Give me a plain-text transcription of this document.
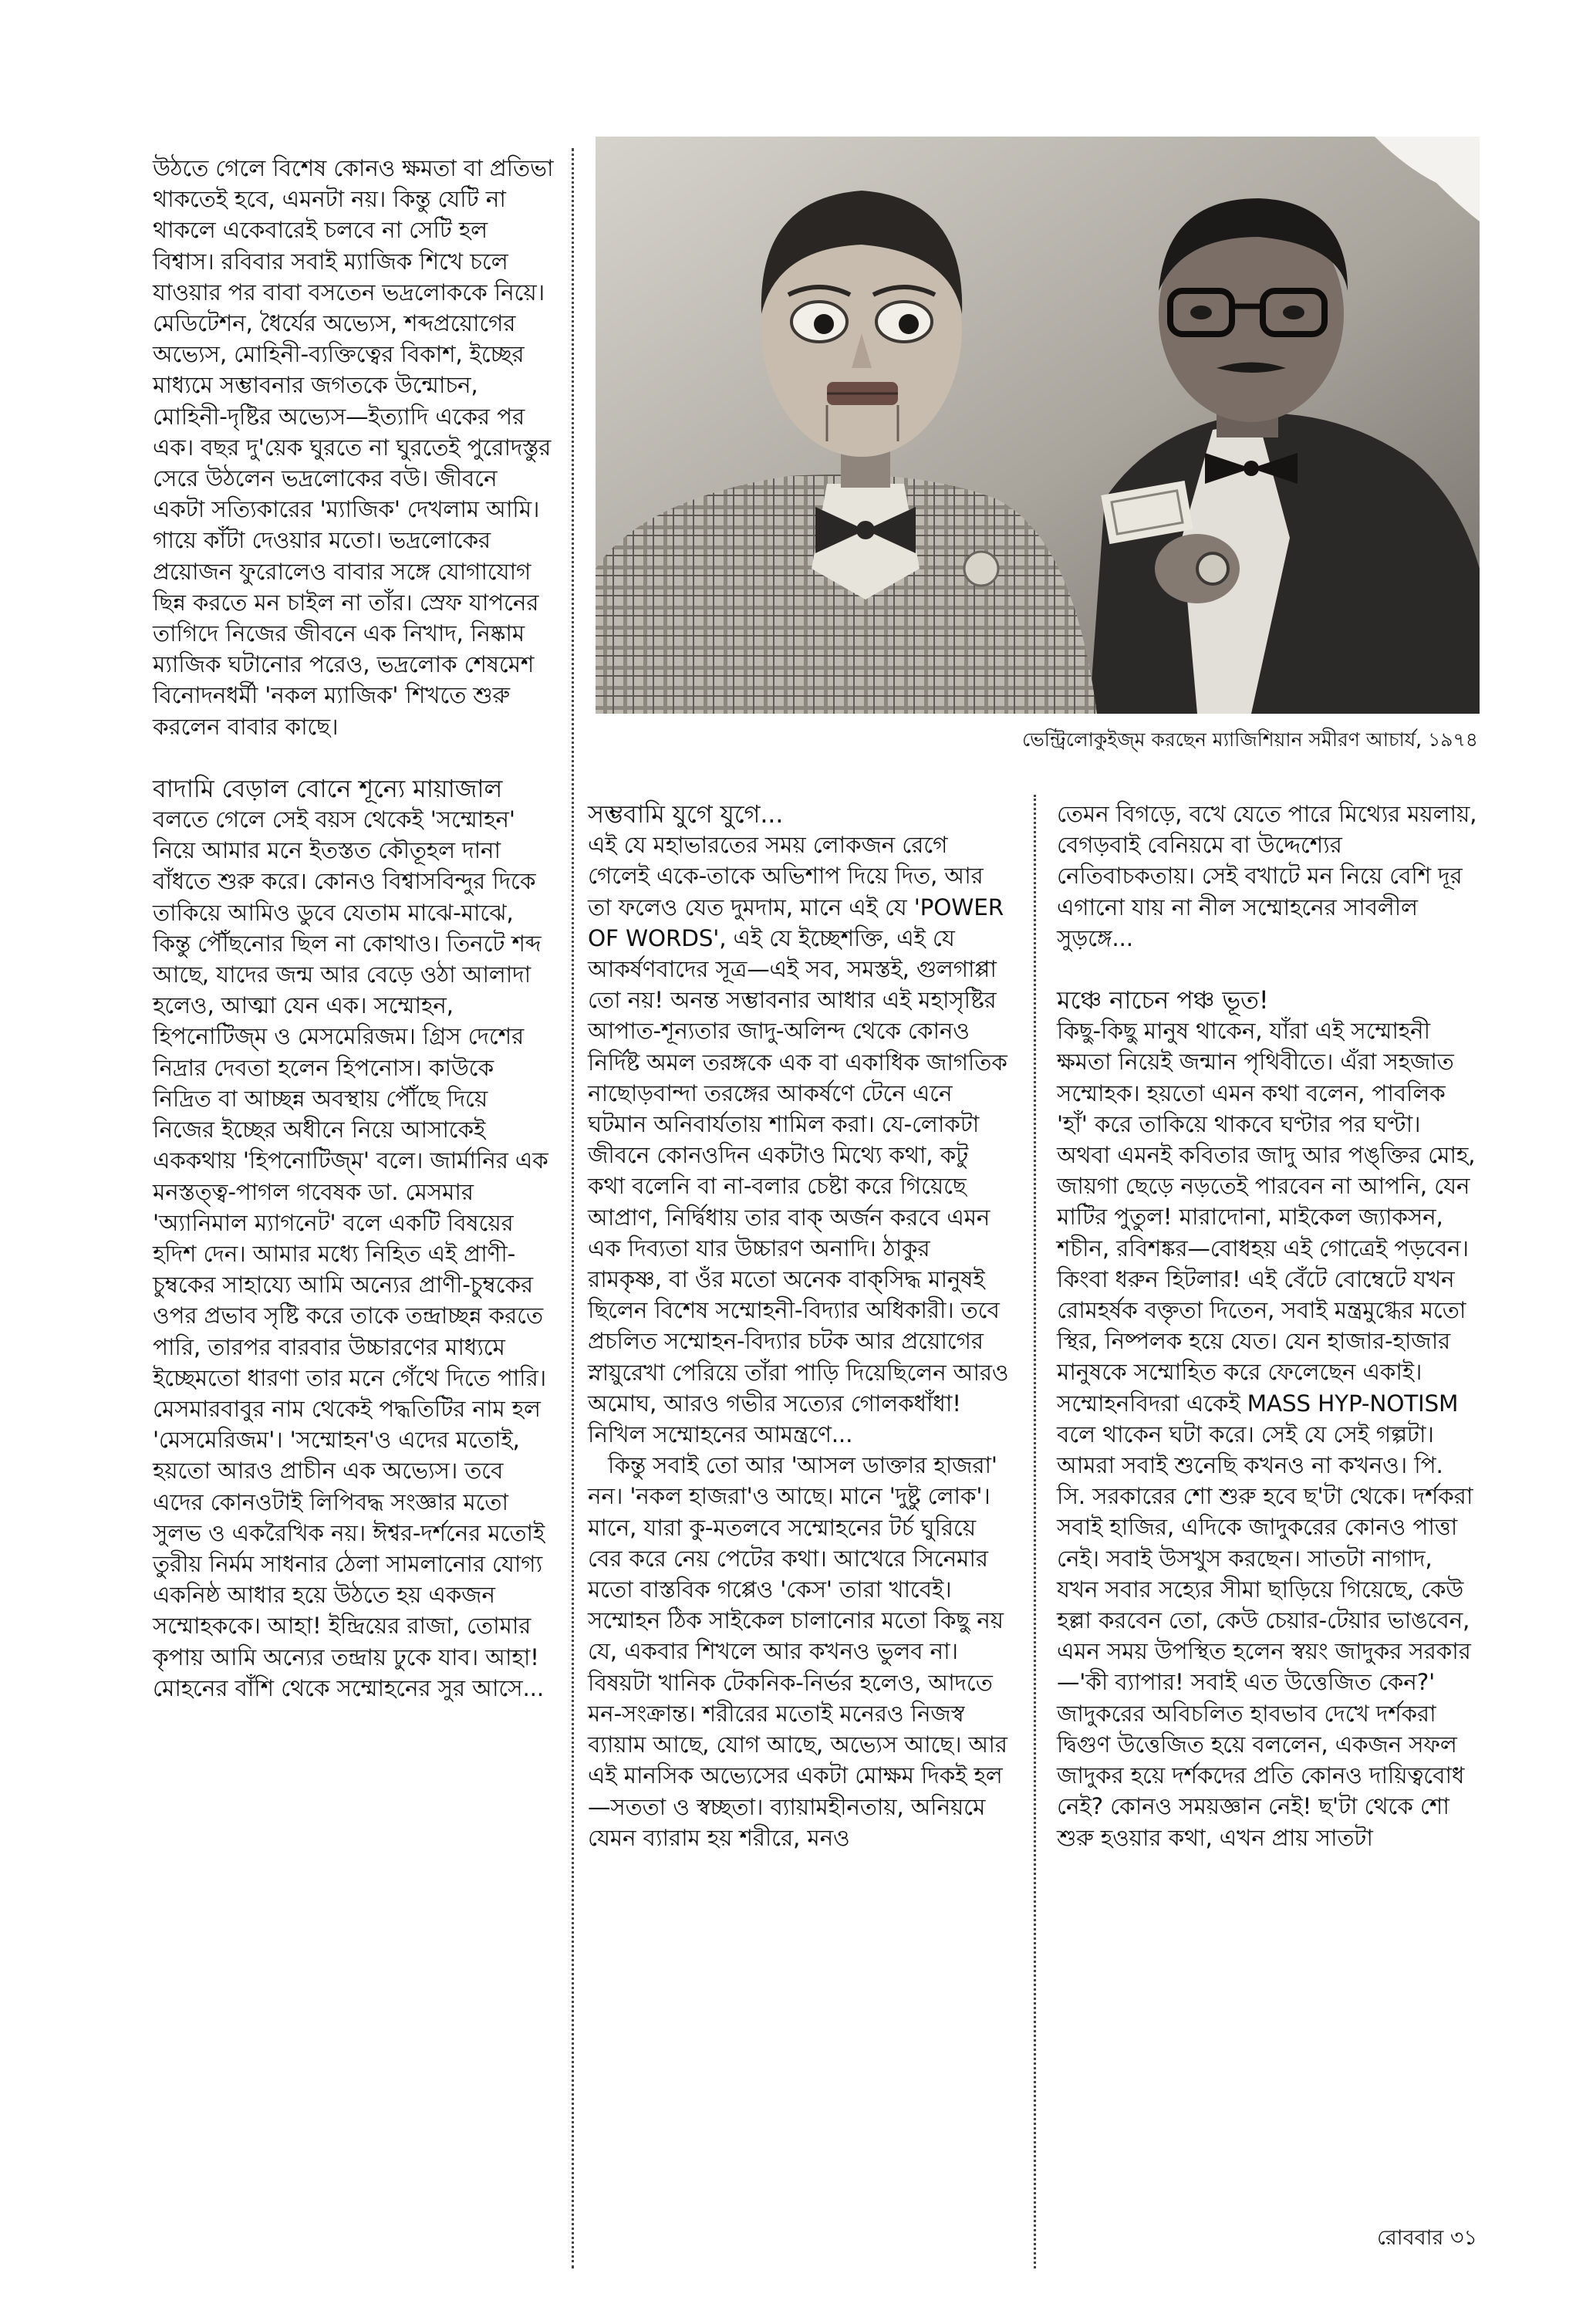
উঠতে গেলে বিশেষ কোনও ক্ষমতা বা প্রতিভা থাকতেই হবে, এমনটা নয়। কিন্তু যেটি না থাকলে একেবারেই চলবে না সেটি হল বিশ্বাস। রবিবার সবাই ম্যাজিক শিখে চলে যাওয়ার পর বাবা বসতেন ভদ্রলোককে নিয়ে। মেডিটেশন, ধৈর্যের অভ্যেস, শব্দপ্রয়োগের অভ্যেস, মোহিনী-ব্যক্তিত্বের বিকাশ, ইচ্ছের মাধ্যমে সম্ভাবনার জগতকে উন্মোচন, মোহিনী-দৃষ্টির অভ্যেস—ইত্যাদি একের পর এক। বছর দু'য়েক ঘুরতে না ঘুরতেই পুরোদস্তুর সেরে উঠলেন ভদ্রলোকের বউ। জীবনে একটা সত্যিকারের 'ম্যাজিক' দেখলাম আমি। গায়ে কাঁটা দেওয়ার মতো। ভদ্রলোকের প্রয়োজন ফুরোলেও বাবার সঙ্গে যোগাযোগ ছিন্ন করতে মন চাইল না তাঁর। স্রেফ যাপনের তাগিদে নিজের জীবনে এক নিখাদ, নিষ্কাম ম্যাজিক ঘটানোর পরেও, ভদ্রলোক শেষমেশ বিনোদনধর্মী 'নকল ম্যাজিক' শিখতে শুরু করলেন বাবার কাছে।

বাদামি বেড়াল বোনে শূন্যে মায়াজাল

বলতে গেলে সেই বয়স থেকেই 'সম্মোহন' নিয়ে আমার মনে ইতস্তত কৌতূহল দানা বাঁধতে শুরু করে। কোনও বিশ্বাসবিন্দুর দিকে তাকিয়ে আমিও ডুবে যেতাম মাঝে-মাঝে, কিন্তু পৌঁছনোর ছিল না কোথাও। তিনটে শব্দ আছে, যাদের জন্ম আর বেড়ে ওঠা আলাদা হলেও, আত্মা যেন এক। সম্মোহন, হিপনোটিজ্‌ম ও মেসমেরিজম। গ্রিস দেশের নিদ্রার দেবতা হলেন হিপনোস। কাউকে নিদ্রিত বা আচ্ছন্ন অবস্থায় পৌঁছে দিয়ে নিজের ইচ্ছের অধীনে নিয়ে আসাকেই এককথায় 'হিপনোটিজ্‌ম' বলে। জার্মানির এক মনস্তত্ত্ব-পাগল গবেষক ডা. মেসমার 'অ্যানিমাল ম্যাগনেট' বলে একটি বিষয়ের হদিশ দেন। আমার মধ্যে নিহিত এই প্রাণী-চুম্বকের সাহায্যে আমি অন্যের প্রাণী-চুম্বকের ওপর প্রভাব সৃষ্টি করে তাকে তন্দ্রাচ্ছন্ন করতে পারি, তারপর বারবার উচ্চারণের মাধ্যমে ইচ্ছেমতো ধারণা তার মনে গেঁথে দিতে পারি। মেসমারবাবুর নাম থেকেই পদ্ধতিটির নাম হল 'মেসমেরিজম'। 'সম্মোহন'ও এদের মতোই, হয়তো আরও প্রাচীন এক অভ্যেস। তবে এদের কোনওটাই লিপিবদ্ধ সংজ্ঞার মতো সুলভ ও একরৈখিক নয়। ঈশ্বর-দর্শনের মতোই তুরীয় নির্মম সাধনার ঠেলা সামলানোর যোগ্য একনিষ্ঠ আধার হয়ে উঠতে হয় একজন সম্মোহককে। আহা! ইন্দ্রিয়ের রাজা, তোমার কৃপায় আমি অন্যের তন্দ্রায় ঢুকে যাব। আহা! মোহনের বাঁশি থেকে সম্মোহনের সুর আসে...

ভেন্ট্রিলোকুইজ্‌ম করছেন ম্যাজিশিয়ান সমীরণ আচার্য, ১৯৭৪
সম্ভবামি যুগে যুগে...

এই যে মহাভারতের সময় লোকজন রেগে গেলেই একে-তাকে অভিশাপ দিয়ে দিত, আর তা ফলেও যেত দুমদাম, মানে এই যে 'POWER OF WORDS', এই যে ইচ্ছেশক্তি, এই যে আকর্ষণবাদের সূত্র—এই সব, সমস্তই, গুলগাপ্পা তো নয়! অনন্ত সম্ভাবনার আধার এই মহাসৃষ্টির আপাত-শূন্যতার জাদু-অলিন্দ থেকে কোনও নির্দিষ্ট অমল তরঙ্গকে এক বা একাধিক জাগতিক নাছোড়বান্দা তরঙ্গের আকর্ষণে টেনে এনে ঘটমান অনিবার্যতায় শামিল করা। যে-লোকটা জীবনে কোনওদিন একটাও মিথ্যে কথা, কটু কথা বলেনি বা না-বলার চেষ্টা করে গিয়েছে আপ্রাণ, নির্দ্বিধায় তার বাক্ অর্জন করবে এমন এক দিব্যতা যার উচ্চারণ অনাদি। ঠাকুর রামকৃষ্ণ, বা ওঁর মতো অনেক বাক্‌সিদ্ধ মানুষই ছিলেন বিশেষ সম্মোহনী-বিদ্যার অধিকারী। তবে প্রচলিত সম্মোহন-বিদ্যার চটক আর প্রয়োগের স্নায়ুরেখা পেরিয়ে তাঁরা পাড়ি দিয়েছিলেন আরও অমোঘ, আরও গভীর সত্যের গোলকধাঁধা! নিখিল সম্মোহনের আমন্ত্রণে...

কিন্তু সবাই তো আর 'আসল ডাক্তার হাজরা' নন। 'নকল হাজরা'ও আছে। মানে 'দুষ্টু লোক'। মানে, যারা কু-মতলবে সম্মোহনের টর্চ ঘুরিয়ে বের করে নেয় পেটের কথা। আখেরে সিনেমার মতো বাস্তবিক গপ্পেও 'কেস' তারা খাবেই। সম্মোহন ঠিক সাইকেল চালানোর মতো কিছু নয় যে, একবার শিখলে আর কখনও ভুলব না। বিষয়টা খানিক টেকনিক-নির্ভর হলেও, আদতে মন-সংক্রান্ত। শরীরের মতোই মনেরও নিজস্ব ব্যায়াম আছে, যোগ আছে, অভ্যেস আছে। আর এই মানসিক অভ্যেসের একটা মোক্ষম দিকই হল—সততা ও স্বচ্ছতা। ব্যায়ামহীনতায়, অনিয়মে যেমন ব্যারাম হয় শরীরে, মনও

তেমন বিগড়ে, বখে যেতে পারে মিথ্যের ময়লায়, বেগড়বাই বেনিয়মে বা উদ্দেশ্যের নেতিবাচকতায়। সেই বখাটে মন নিয়ে বেশি দূর এগানো যায় না নীল সম্মোহনের সাবলীল সুড়ঙ্গে...

মঞ্চে নাচেন পঞ্চ ভূত!

কিছু-কিছু মানুষ থাকেন, যাঁরা এই সম্মোহনী ক্ষমতা নিয়েই জন্মান পৃথিবীতে। এঁরা সহজাত সম্মোহক। হয়তো এমন কথা বলেন, পাবলিক 'হাঁ' করে তাকিয়ে থাকবে ঘণ্টার পর ঘণ্টা। অথবা এমনই কবিতার জাদু আর পঙ্‌ক্তির মোহ, জায়গা ছেড়ে নড়তেই পারবেন না আপনি, যেন মাটির পুতুল! মারাদোনা, মাইকেল জ্যাকসন, শচীন, রবিশঙ্কর—বোধহয় এই গোত্রেই পড়বেন। কিংবা ধরুন হিটলার! এই বেঁটে বোম্বেটে যখন রোমহর্ষক বক্তৃতা দিতেন, সবাই মন্ত্রমুগ্ধের মতো স্থির, নিষ্পলক হয়ে যেত। যেন হাজার-হাজার মানুষকে সম্মোহিত করে ফেলেছেন একাই। সম্মোহনবিদরা একেই MASS HYP-NOTISM বলে থাকেন ঘটা করে। সেই যে সেই গল্পটা। আমরা সবাই শুনেছি কখনও না কখনও। পি. সি. সরকারের শো শুরু হবে ছ'টা থেকে। দর্শকরা সবাই হাজির, এদিকে জাদুকরের কোনও পাত্তা নেই। সবাই উসখুস করছেন। সাতটা নাগাদ, যখন সবার সহ্যের সীমা ছাড়িয়ে গিয়েছে, কেউ হল্লা করবেন তো, কেউ চেয়ার-টেয়ার ভাঙবেন, এমন সময় উপস্থিত হলেন স্বয়ং জাদুকর সরকার—'কী ব্যাপার! সবাই এত উত্তেজিত কেন?' জাদুকরের অবিচলিত হাবভাব দেখে দর্শকরা দ্বিগুণ উত্তেজিত হয়ে বললেন, একজন সফল জাদুকর হয়ে দর্শকদের প্রতি কোনও দায়িত্ববোধ নেই? কোনও সময়জ্ঞান নেই! ছ'টা থেকে শো শুরু হওয়ার কথা, এখন প্রায় সাতটা

রোববার ৩১
